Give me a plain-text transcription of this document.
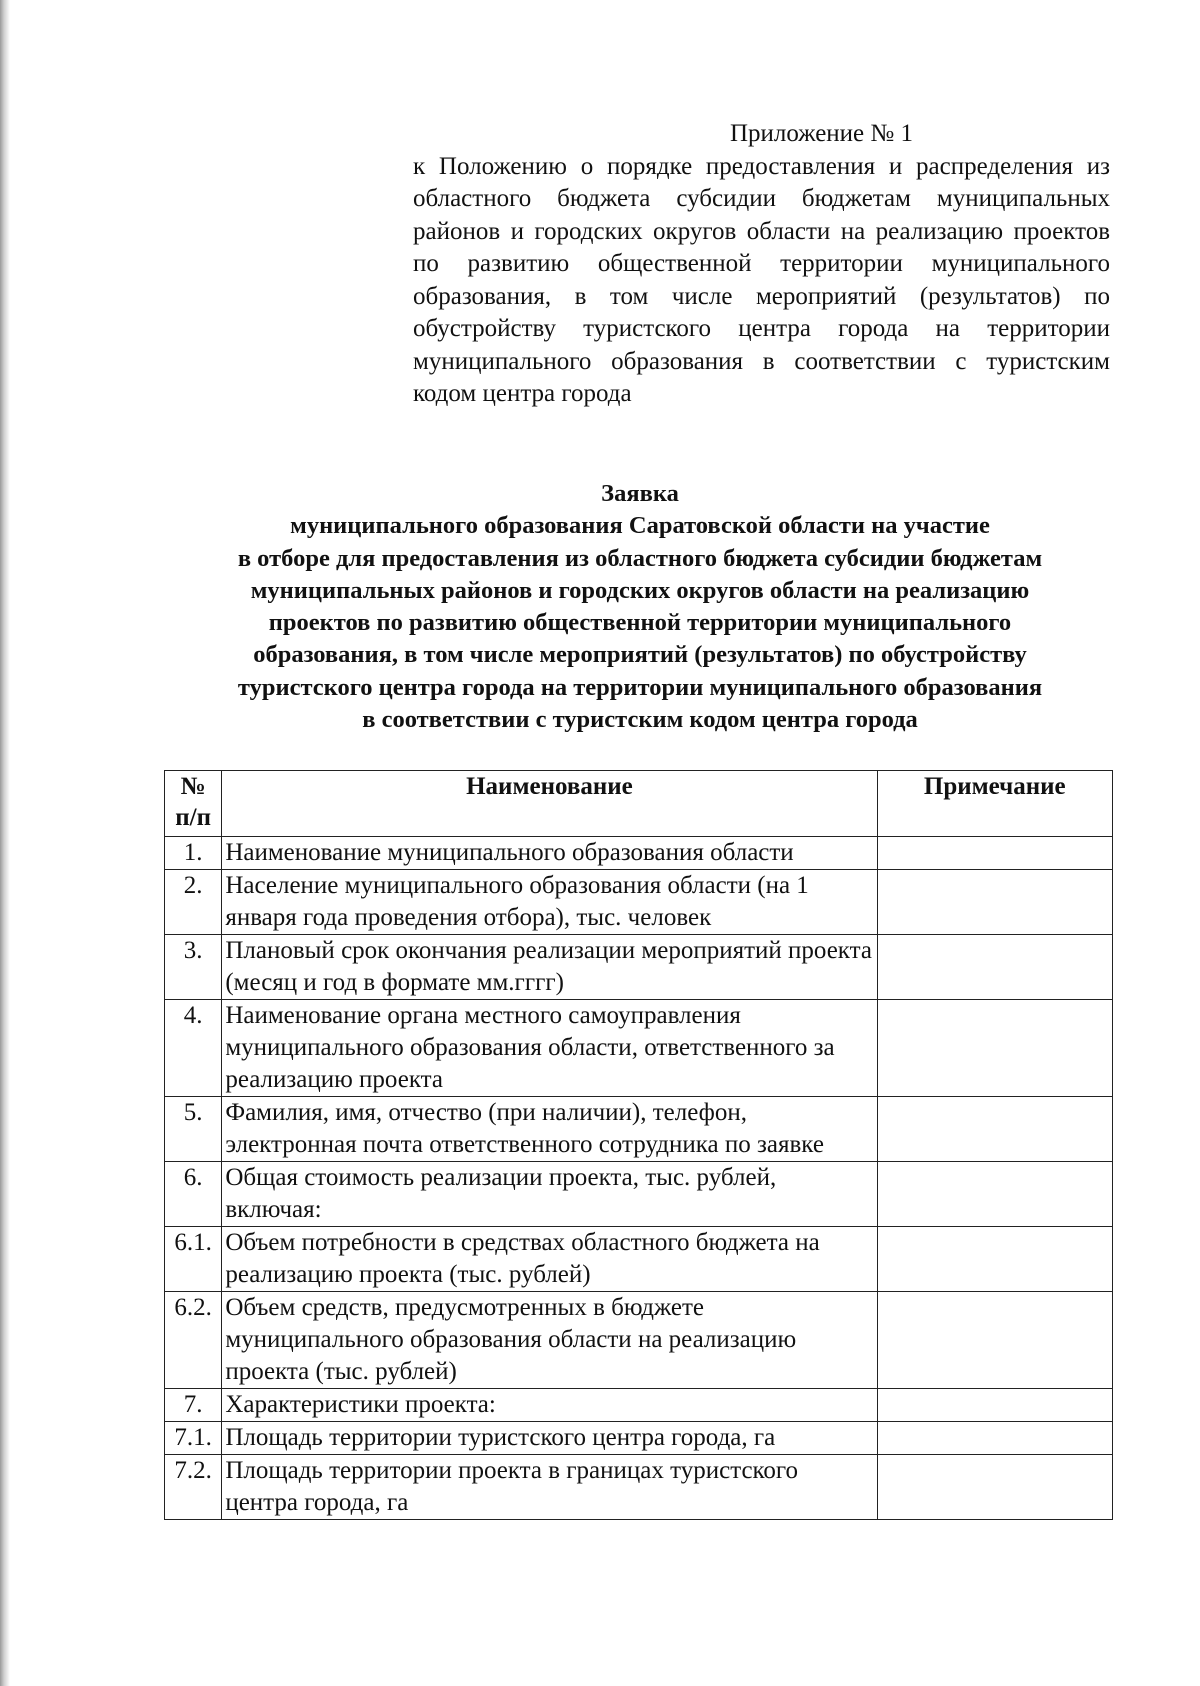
Приложение № 1
к Положению о порядке предоставления и распределения из областного бюджета субсидии бюджетам муниципальных районов и городских округов области на реализацию проектов по развитию общественной территории муниципального образования, в том числе мероприятий (результатов) по обустройству туристского центра города на территории муниципального образования в соответствии с туристским кодом центра города
Заявка
муниципального образования Саратовской области на участие
в отборе для предоставления из областного бюджета субсидии бюджетам
муниципальных районов и городских округов области на реализацию
проектов по развитию общественной территории муниципального
образования, в том числе мероприятий (результатов) по обустройству
туристского центра города на территории муниципального образования
в соответствии с туристским кодом центра города
№ п/п	Наименование	Примечание
1.	Наименование муниципального образования области	
2.	Население муниципального образования области (на 1 января года проведения отбора), тыс. человек	
3.	Плановый срок окончания реализации мероприятий проекта (месяц и год в формате мм.гггг)	
4.	Наименование органа местного самоуправления муниципального образования области, ответственного за реализацию проекта	
5.	Фамилия, имя, отчество (при наличии), телефон, электронная почта ответственного сотрудника по заявке	
6.	Общая стоимость реализации проекта, тыс. рублей, включая:	
6.1.	Объем потребности в средствах областного бюджета на реализацию проекта (тыс. рублей)	
6.2.	Объем средств, предусмотренных в бюджете муниципального образования области на реализацию проекта (тыс. рублей)	
7.	Характеристики проекта:	
7.1.	Площадь территории туристского центра города, га	
7.2.	Площадь территории проекта в границах туристского центра города, га	
